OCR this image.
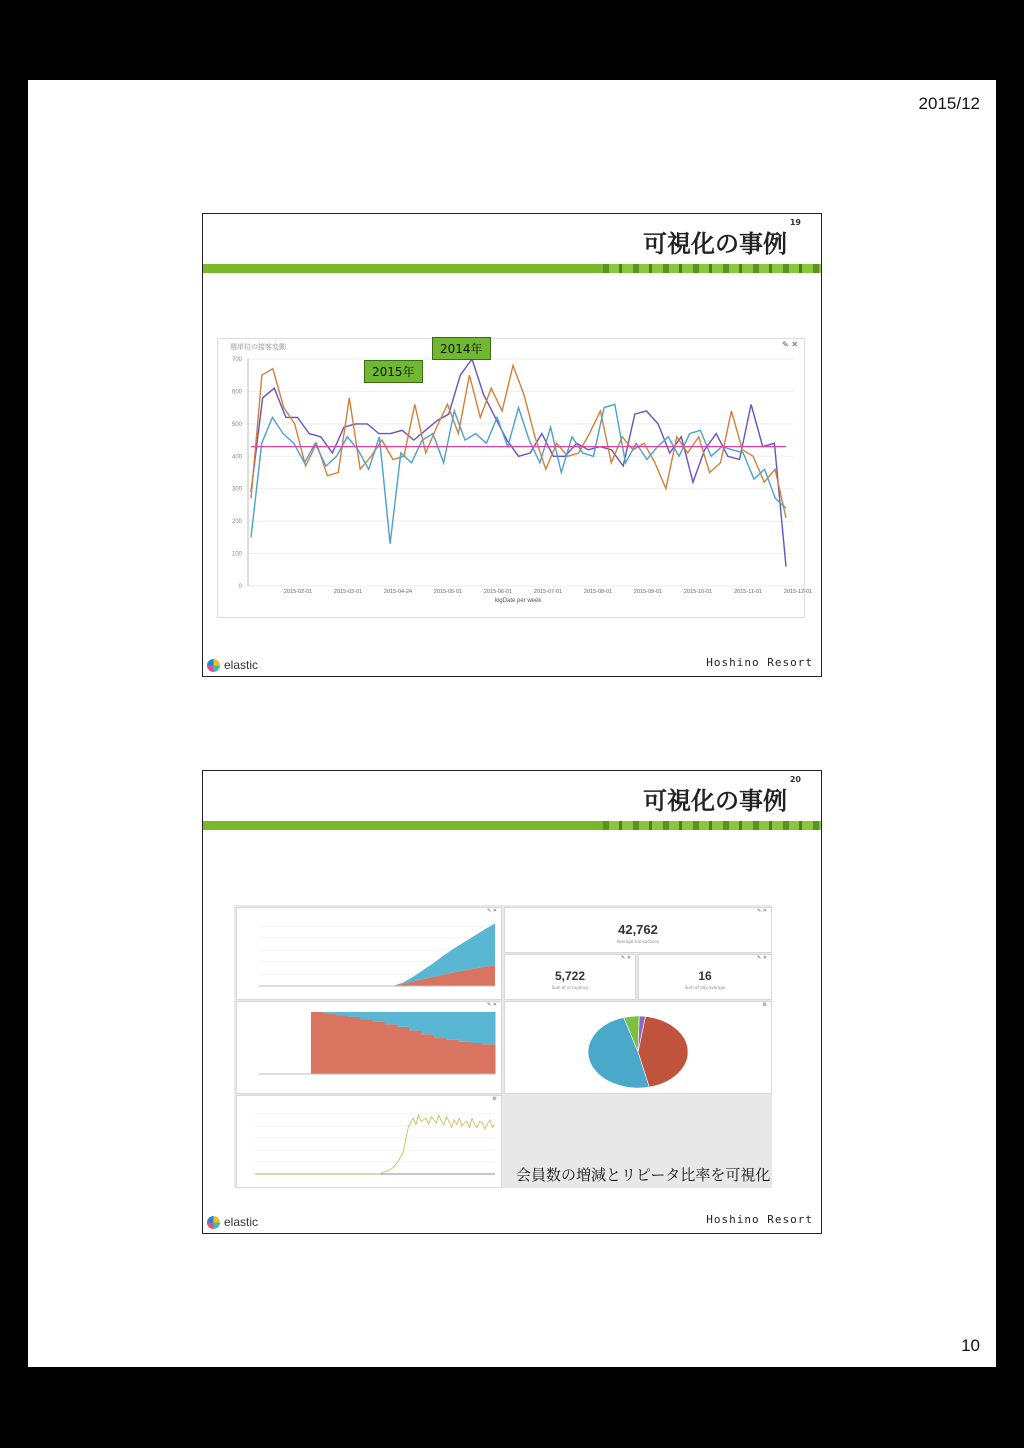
2015/12
可視化の事例
19
週単位の接客変動	✎ ✕
0
100
200
300
400
500
600
700
2015-02-01	2015-03-01	2015-04-24	2015-05-01	2015-06-01	2015-07-01	2015-08-01	2015-09-01	2015-10-01	2015-11-01	2015-12-01
logDate per week
2014年
2015年
elastic	Hoshino Resort
可視化の事例
20
elastic	Hoshino Resort
✎ ✕
✎ ✕
⚙
✎ ✕
42,762
Average transactions
✎ ✕
5,722
Sum of occupancy
✎ ✕
16
Sum of day-average
⚙
会員数の増減とリピータ比率を可視化
10
